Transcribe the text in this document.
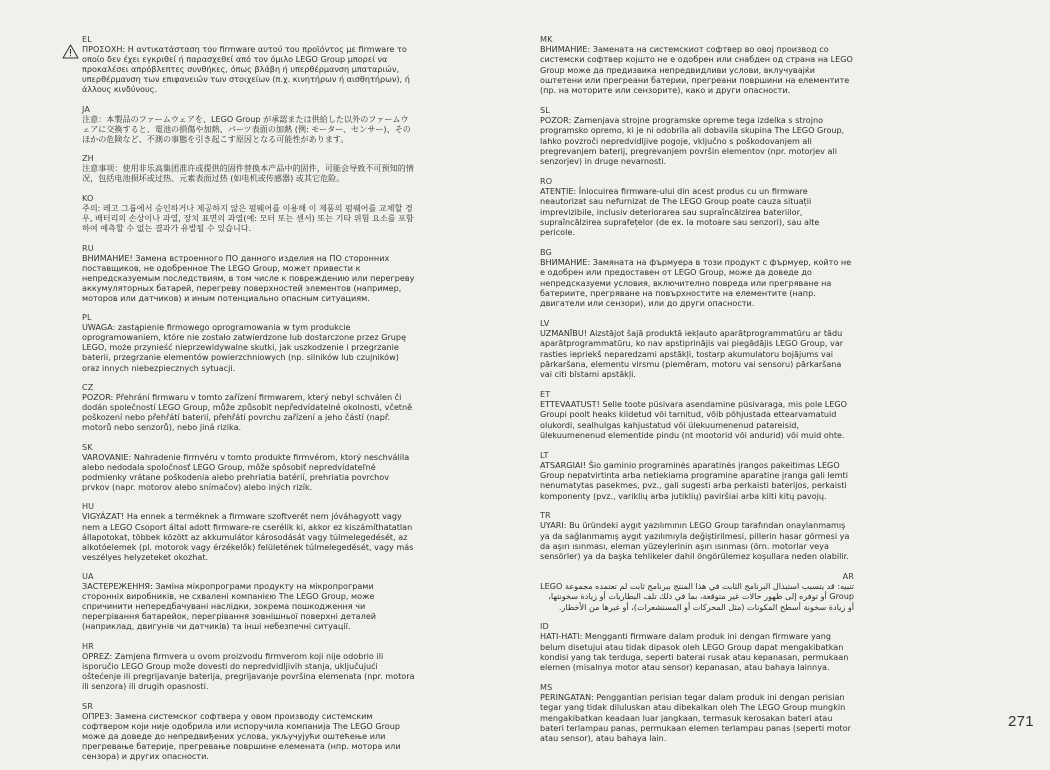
EL
ΠΡΟΣΟΧΗ: Η αντικατάσταση του firmware αυτού του προϊόντος με firmware το οποίο δεν έχει εγκριθεί ή παρασχεθεί από τον όμιλο LEGO Group μπορεί να προκαλέσει απρόβλεπτες συνθήκες, όπως βλάβη ή υπερθέρμανση μπαταριών, υπερθέρμανση των επιφανειών των στοιχείων (π.χ. κινητήρων ή αισθητήρων), ή άλλους κινδύνους.
JA
注意：本製品のファームウェアを、LEGO Group が承認または供給した以外のファームウェアに交換すると、電池の損傷や加熱、パーツ表面の加熱 (例: モーター、センサー)、そのほかの危険など、不測の事態を引き起こす原因となる可能性があります。
ZH
注意事项：使用非乐高集团准许或提供的固件替换本产品中的固件，可能会导致不可预知的情况，包括电池损坏或过热、元素表面过热 (如电机或传感器) 或其它危险。
KO
주의: 레고 그룹에서 승인하거나 제공하지 않은 펌웨어를 이용해 이 제품의 펌웨어를 교체할 경우, 배터리의 손상이나 과열, 장치 표면의 과열(예: 모터 또는 센서) 또는 기타 위험 요소를 포함하여 예측할 수 없는 결과가 유발될 수 있습니다.
RU
ВНИМАНИЕ! Замена встроенного ПО данного изделия на ПО сторонних поставщиков, не одобренное The LEGO Group, может привести к непредсказуемым последствиям, в том числе к повреждению или перегреву аккумуляторных батарей, перегреву поверхностей элементов (например, моторов или датчиков) и иным потенциально опасным ситуациям.
PL
UWAGA: zastąpienie firmowego oprogramowania w tym produkcie oprogramowaniem, które nie zostało zatwierdzone lub dostarczone przez Grupę LEGO, może przynieść nieprzewidywalne skutki, jak uszkodzenie i przegrzanie baterii, przegrzanie elementów powierzchniowych (np. silników lub czujników) oraz innych niebezpiecznych sytuacji.
CZ
POZOR: Přehrání firmwaru v tomto zařízení firmwarem, který nebyl schválen či dodán společností LEGO Group, může způsobit nepředvídatelné okolnosti, včetně poškození nebo přehřátí baterií, přehřátí povrchu zařízení a jeho částí (např. motorů nebo senzorů), nebo jiná rizika.
SK
VAROVANIE: Nahradenie firmvéru v tomto produkte firmvérom, ktorý neschválila alebo nedodala spoločnosť LEGO Group, môže spôsobiť nepredvídateľné podmienky vrátane poškodenia alebo prehriatia batérií, prehriatia povrchov prvkov (napr. motorov alebo snímačov) alebo iných rizík.
HU
VIGYÁZAT! Ha ennek a terméknek a firmware szoftverét nem jóváhagyott vagy nem a LEGO Csoport által adott firmware-re cserélik ki, akkor ez kiszámíthatatlan állapotokat, többek között az akkumulátor károsodását vagy túlmelegedését, az alkotóelemek (pl. motorok vagy érzékelők) felületének túlmelegedését, vagy más veszélyes helyzeteket okozhat.
UA
ЗАСТЕРЕЖЕННЯ: Заміна мікропрограми продукту на мікропрограми сторонніх виробників, не схвалені компанією The LEGO Group, може спричинити непередбачувані наслідки, зокрема пошкодження чи перегрівання батарейок, перегрівання зовнішньої поверхні деталей (наприклад, двигунів чи датчиків) та інші небезпечні ситуації.
HR
OPREZ: Zamjena firmvera u ovom proizvodu firmverom koji nije odobrio ili isporučio LEGO Group može dovesti do nepredvidljivih stanja, uključujući oštećenje ili pregrijavanje baterija, pregrijavanje površina elemenata (npr. motora ili senzora) ili drugih opasnosti.
SR
ОПРЕЗ: Замена системског софтвера у овом производу системским софтвером који није одобрила или испоручила компанија The LEGO Group може да доведе до непредвиђених услова, укључујући оштећење или прегревање батерије, прегревање површине елемената (нпр. мотора или сензора) и других опасности.
MK
ВНИМАНИЕ: Замената на системскиот софтвер во овој производ со системски софтвер којшто не е одобрен или снабден од страна на LEGO Group може да предизвика непредвидливи услови, вклучувајќи оштетени или прегреани батерии, прегреани површини на елементите (пр. на моторите или сензорите), како и други опасности.
SL
POZOR: Zamenjava strojne programske opreme tega izdelka s strojno programsko opremo, ki je ni odobrila ali dobavila skupina The LEGO Group, lahko povzroči nepredvidljive pogoje, vključno s poškodovanjem ali pregrevanjem baterij, pregrevanjem površin elementov (npr. motorjev ali senzorjev) in druge nevarnosti.
RO
ATENȚIE: Înlocuirea firmware-ului din acest produs cu un firmware neautorizat sau nefurnizat de The LEGO Group poate cauza situații imprevizibile, inclusiv deteriorarea sau supraîncălzirea bateriilor, supraîncălzirea suprafețelor (de ex. la motoare sau senzori), sau alte pericole.
BG
ВНИМАНИЕ: Замяната на фърмуера в този продукт с фърмуер, който не е одобрен или предоставен от LEGO Group, може да доведе до непредсказуеми условия, включително повреда или прегряване на батериите, прегряване на повърхностите на елементите (напр. двигатели или сензори), или до други опасности.
LV
UZMANĪBU! Aizstājot šajā produktā iekļauto aparātprogrammatūru ar tādu aparātprogrammatūru, ko nav apstiprinājis vai piegādājis LEGO Group, var rasties iepriekš neparedzami apstākļi, tostarp akumulatoru bojājums vai pārkaršana, elementu virsmu (piemēram, motoru vai sensoru) pārkaršana vai citi bīstami apstākļi.
ET
ETTEVAATUST! Selle toote püsivara asendamine püsivaraga, mis pole LEGO Groupi poolt heaks kiidetud või tarnitud, võib põhjustada ettearvamatuid olukordi, sealhulgas kahjustatud või ülekuumenenud patareisid, ülekuumenenud elementide pindu (nt mootorid või andurid) või muid ohte.
LT
ATSARGIAI! Šio gaminio programinės aparatinės įrangos pakeitimas LEGO Group nepatvirtinta arba netiekiama programine aparatine įranga gali lemti nenumatytas pasekmes, pvz., gali sugesti arba perkaisti baterijos, perkaisti komponenty (pvz., variklių arba jutiklių) paviršiai arba kilti kitų pavojų.
TR
UYARI: Bu üründeki aygıt yazılımının LEGO Group tarafından onaylanmamış ya da sağlanmamış aygıt yazılımıyla değiştirilmesi, pillerin hasar görmesi ya da aşırı ısınması, eleman yüzeylerinin aşırı ısınması (örn. motorlar veya sensörler) ya da başka tehlikeler dahil öngörülemez koşullara neden olabilir.
AR
تنبيه: قد يتسبب استبدال البرنامج الثابت في هذا المنتج ببرنامج ثابت لم تعتمده مجموعة LEGO Group أو توفره إلى ظهور حالات غير متوقعة، بما في ذلك تلف البطاريات أو زيادة سخونتها، أو زيادة سخونة أسطح المكونات (مثل المحركات أو المستشعرات)، أو غيرها من الأخطار.
ID
HATI-HATI: Mengganti firmware dalam produk ini dengan firmware yang belum disetujui atau tidak dipasok oleh LEGO Group dapat mengakibatkan kondisi yang tak terduga, seperti baterai rusak atau kepanasan, permukaan elemen (misalnya motor atau sensor) kepanasan, atau bahaya lainnya.
MS
PERINGATAN: Penggantian perisian tegar dalam produk ini dengan perisian tegar yang tidak diluluskan atau dibekalkan oleh The LEGO Group mungkin mengakibatkan keadaan luar jangkaan, termasuk kerosakan bateri atau bateri terlampau panas, permukaan elemen terlampau panas (seperti motor atau sensor), atau bahaya lain.
271
